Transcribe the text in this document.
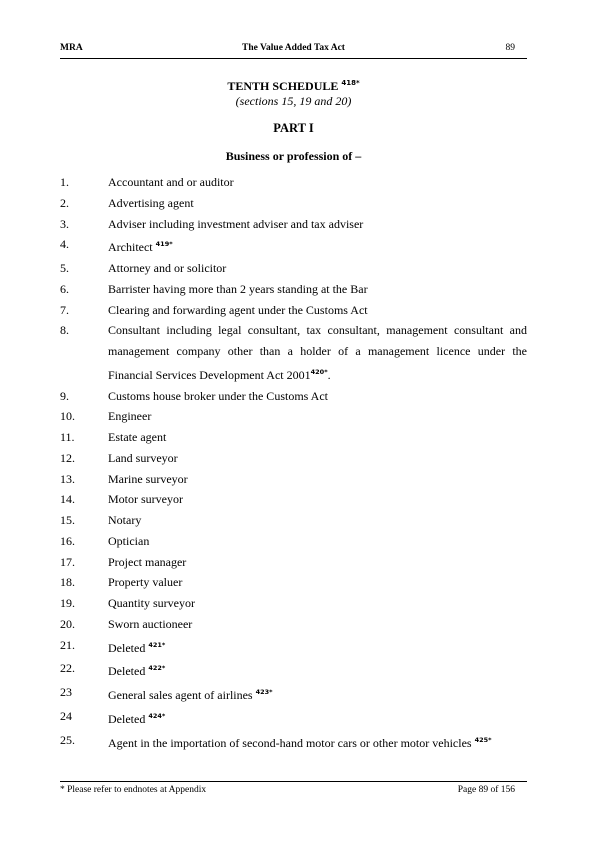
MRA	The Value Added Tax Act	89
TENTH SCHEDULE $^{418*}$
(sections 15, 19 and 20)
PART I
Business or profession of –
1.	Accountant and or auditor
2.	Advertising agent
3.	Adviser including investment adviser and tax adviser
4.	Architect $^{419*}$
5.	Attorney and or solicitor
6.	Barrister having more than 2 years standing at the Bar
7.	Clearing and forwarding agent under the Customs Act
8.	Consultant including legal consultant, tax consultant, management consultant and management company other than a holder of a management licence under the Financial Services Development Act $2001^{420*}$.
9.	Customs house broker under the Customs Act
10.	Engineer
11.	Estate agent
12.	Land surveyor
13.	Marine surveyor
14.	Motor surveyor
15.	Notary
16.	Optician
17.	Project manager
18.	Property valuer
19.	Quantity surveyor
20.	Sworn auctioneer
21.	Deleted $^{421*}$
22.	Deleted $^{422*}$
23	General sales agent of airlines $^{423*}$
24	Deleted $^{424*}$
25.	Agent in the importation of second-hand motor cars or other motor vehicles $^{425*}$
* Please refer to endnotes at Appendix	Page 89 of 156
